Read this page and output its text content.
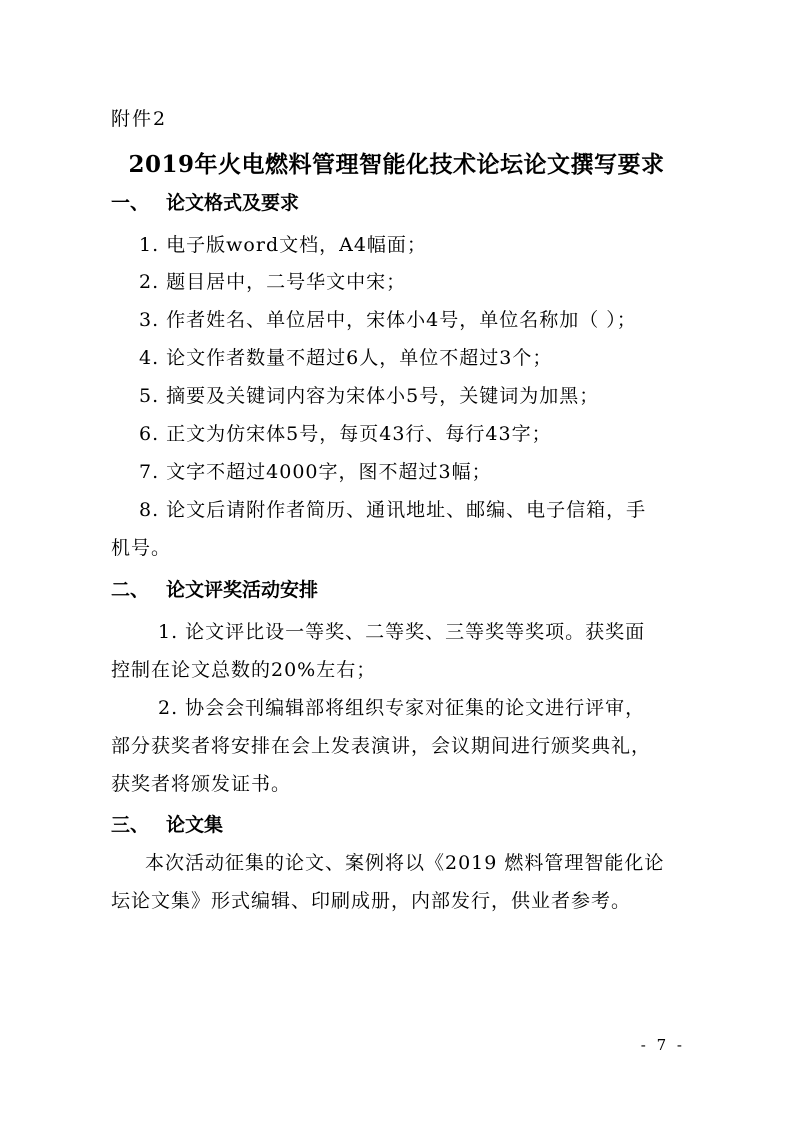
附件2
2019年火电燃料管理智能化技术论坛论文撰写要求
一、 论文格式及要求
1. 电子版word文档，A4幅面；
2. 题目居中，二号华文中宋；
3. 作者姓名、单位居中，宋体小4号，单位名称加（ ）；
4. 论文作者数量不超过6人，单位不超过3个；
5. 摘要及关键词内容为宋体小5号，关键词为加黑；
6. 正文为仿宋体5号，每页43行、每行43字；
7. 文字不超过4000字，图不超过3幅；
8. 论文后请附作者简历、通讯地址、邮编、电子信箱，手
机号。
二、 论文评奖活动安排
1. 论文评比设一等奖、二等奖、三等奖等奖项。获奖面
控制在论文总数的20%左右；
2. 协会会刊编辑部将组织专家对征集的论文进行评审，
部分获奖者将安排在会上发表演讲，会议期间进行颁奖典礼，
获奖者将颁发证书。
三、 论文集
本次活动征集的论文、案例将以《2019 燃料管理智能化论
坛论文集》形式编辑、印刷成册，内部发行，供业者参考。
- 7 -
